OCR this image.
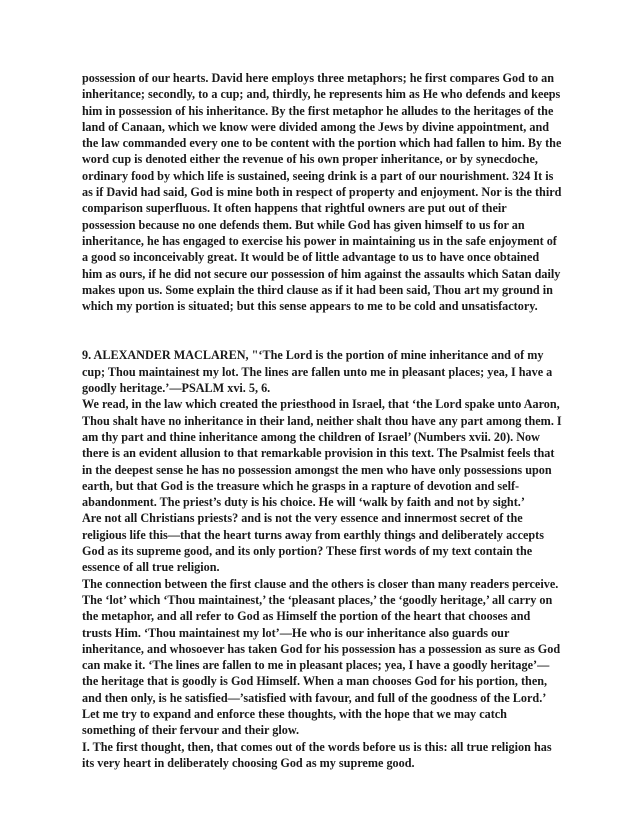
possession of our hearts. David here employs three metaphors; he first compares God to an inheritance; secondly, to a cup; and, thirdly, he represents him as He who defends and keeps him in possession of his inheritance. By the first metaphor he alludes to the heritages of the land of Canaan, which we know were divided among the Jews by divine appointment, and the law commanded every one to be content with the portion which had fallen to him. By the word cup is denoted either the revenue of his own proper inheritance, or by synecdoche, ordinary food by which life is sustained, seeing drink is a part of our nourishment. 324 It is as if David had said, God is mine both in respect of property and enjoyment. Nor is the third comparison superfluous. It often happens that rightful owners are put out of their possession because no one defends them. But while God has given himself to us for an inheritance, he has engaged to exercise his power in maintaining us in the safe enjoyment of a good so inconceivably great. It would be of little advantage to us to have once obtained him as ours, if he did not secure our possession of him against the assaults which Satan daily makes upon us. Some explain the third clause as if it had been said, Thou art my ground in which my portion is situated; but this sense appears to me to be cold and unsatisfactory.

9. ALEXANDER MACLAREN, "‘The Lord is the portion of mine inheritance and of my cup; Thou maintainest my lot. The lines are fallen unto me in pleasant places; yea, I have a goodly heritage.’—PSALM xvi. 5, 6.

We read, in the law which created the priesthood in Israel, that ‘the Lord spake unto Aaron, Thou shalt have no inheritance in their land, neither shalt thou have any part among them. I am thy part and thine inheritance among the children of Israel’ (Numbers xvii. 20). Now there is an evident allusion to that remarkable provision in this text. The Psalmist feels that in the deepest sense he has no possession amongst the men who have only possessions upon earth, but that God is the treasure which he grasps in a rapture of devotion and self-abandonment. The priest’s duty is his choice. He will ‘walk by faith and not by sight.’

Are not all Christians priests? and is not the very essence and innermost secret of the religious life this—that the heart turns away from earthly things and deliberately accepts God as its supreme good, and its only portion? These first words of my text contain the essence of all true religion.

The connection between the first clause and the others is closer than many readers perceive. The ‘lot’ which ‘Thou maintainest,’ the ‘pleasant places,’ the ‘goodly heritage,’ all carry on the metaphor, and all refer to God as Himself the portion of the heart that chooses and trusts Him. ‘Thou maintainest my lot’—He who is our inheritance also guards our inheritance, and whosoever has taken God for his possession has a possession as sure as God can make it. ‘The lines are fallen to me in pleasant places; yea, I have a goodly heritage’—the heritage that is goodly is God Himself. When a man chooses God for his portion, then, and then only, is he satisfied—’satisfied with favour, and full of the goodness of the Lord.’ Let me try to expand and enforce these thoughts, with the hope that we may catch something of their fervour and their glow.

I. The first thought, then, that comes out of the words before us is this: all true religion has its very heart in deliberately choosing God as my supreme good.
